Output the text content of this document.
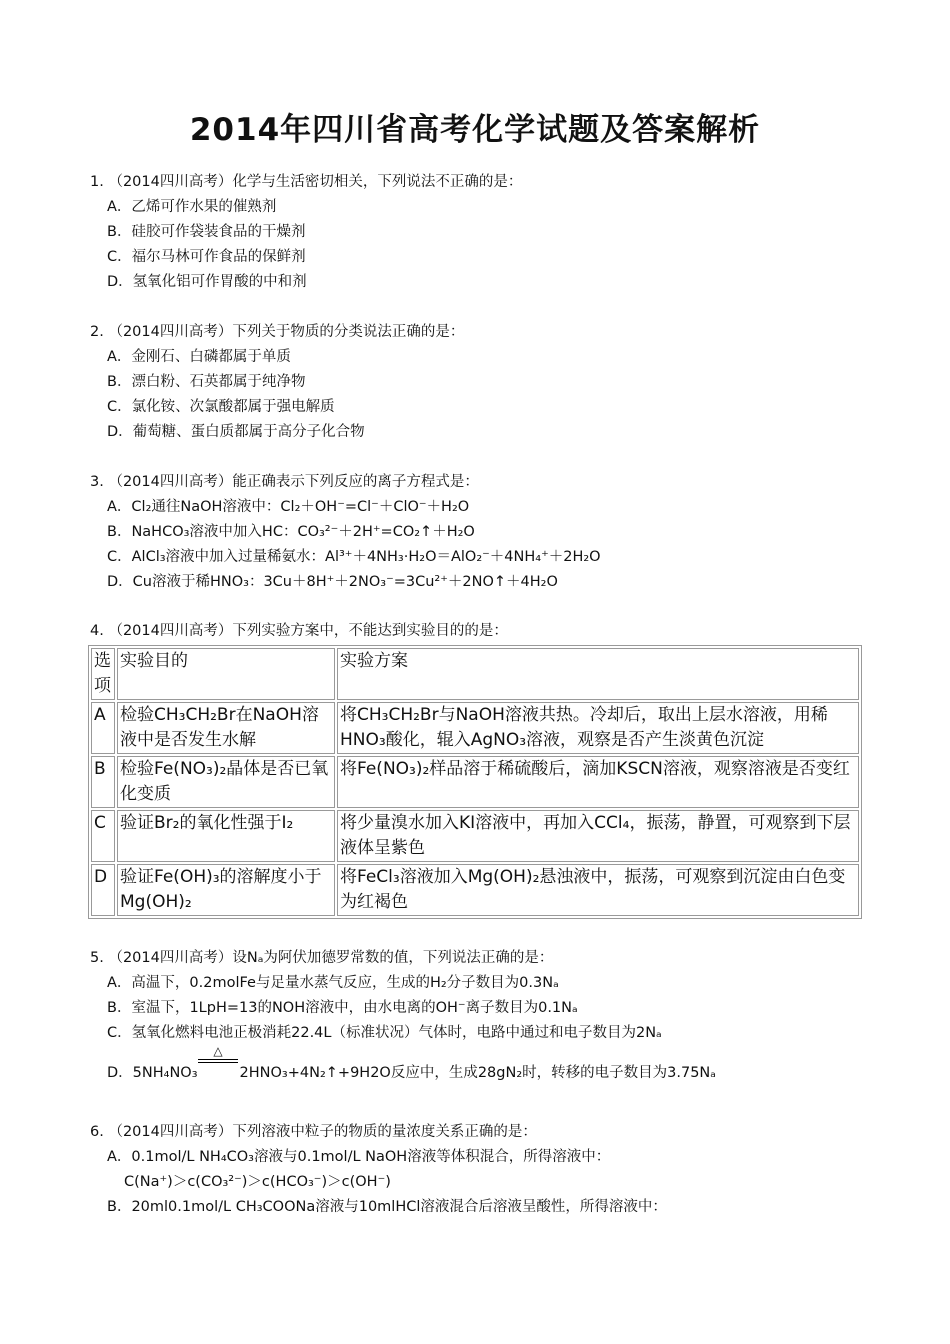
2014年四川省高考化学试题及答案解析
1. （2014四川高考）化学与生活密切相关，下列说法不正确的是：
A．乙烯可作水果的催熟剂
B．硅胶可作袋装食品的干燥剂
C．福尔马林可作食品的保鲜剂
D．氢氧化铝可作胃酸的中和剂
2. （2014四川高考）下列关于物质的分类说法正确的是：
A．金刚石、白磷都属于单质
B．漂白粉、石英都属于纯净物
C．氯化铵、次氯酸都属于强电解质
D．葡萄糖、蛋白质都属于高分子化合物
3. （2014四川高考）能正确表示下列反应的离子方程式是：
A．Cl₂通往NaOH溶液中：Cl₂＋OH⁻=Cl⁻＋ClO⁻＋H₂O
B．NaHCO₃溶液中加入HC：CO₃²⁻＋2H⁺=CO₂↑＋H₂O
C．AlCl₃溶液中加入过量稀氨水：Al³⁺＋4NH₃·H₂O＝AlO₂⁻＋4NH₄⁺＋2H₂O
D．Cu溶液于稀HNO₃：3Cu＋8H⁺＋2NO₃⁻=3Cu²⁺＋2NO↑＋4H₂O
4. （2014四川高考）下列实验方案中，不能达到实验目的的是：
选项	实验目的	实验方案
A	检验CH₃CH₂Br在NaOH溶液中是否发生水解	将CH₃CH₂Br与NaOH溶液共热。冷却后，取出上层水溶液，用稀HNO₃酸化，辊入AgNO₃溶液，观察是否产生淡黄色沉淀
B	检验Fe(NO₃)₂晶体是否已氧化变质	将Fe(NO₃)₂样品溶于稀硫酸后，滴加KSCN溶液，观察溶液是否变红
C	验证Br₂的氧化性强于I₂	将少量溴水加入KI溶液中，再加入CCl₄，振荡，静置，可观察到下层液体呈紫色
D	验证Fe(OH)₃的溶解度小于Mg(OH)₂	将FeCl₃溶液加入Mg(OH)₂悬浊液中，振荡，可观察到沉淀由白色变为红褐色
5. （2014四川高考）设Nₐ为阿伏加德罗常数的值，下列说法正确的是：
A．高温下，0.2molFe与足量水蒸气反应，生成的H₂分子数目为0.3Nₐ
B．室温下，1LpH=13的NOH溶液中，由水电离的OH⁻离子数目为0.1Nₐ
C．氢氧化燃料电池正极消耗22.4L（标准状况）气体时，电路中通过和电子数目为2Nₐ
△
D．5NH₄NO₃	2HNO₃+4N₂↑+9H2O反应中，生成28gN₂时，转移的电子数目为3.75Nₐ
6. （2014四川高考）下列溶液中粒子的物质的量浓度关系正确的是：
A．0.1mol/L NH₄CO₃溶液与0.1mol/L NaOH溶液等体积混合，所得溶液中：
C(Na⁺)＞c(CO₃²⁻)＞c(HCO₃⁻)＞c(OH⁻)
B．20ml0.1mol/L CH₃COONa溶液与10mlHCl溶液混合后溶液呈酸性，所得溶液中：
